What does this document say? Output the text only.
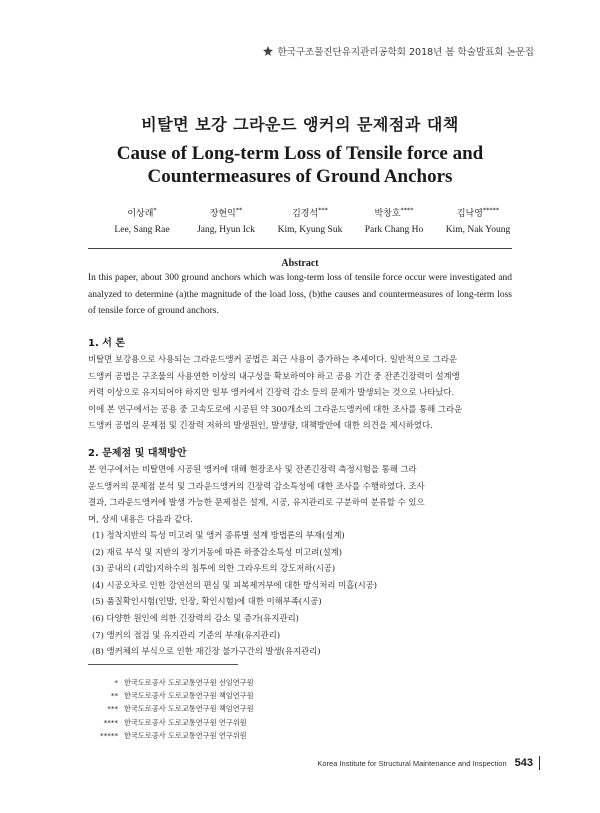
한국구조물진단유지관리공학회 2018년 봄 학술발표회 논문집
비탈면 보강 그라운드 앵커의 문제점과 대책
Cause of Long-term Loss of Tensile force and
Countermeasures of Ground Anchors
이상래*
Lee, Sang Rae
장현익**
Jang, Hyun Ick
김경석***
Kim, Kyung Suk
박창호****
Park Chang Ho
김낙영*****
Kim, Nak Young
Abstract
In this paper, about 300 ground anchors which was long-term loss of tensile force occur were investigated and analyzed to determine (a)the magnitude of the load loss, (b)the causes and countermeasures of long-term loss of tensile force of ground anchors.
1. 서 론
비탈면 보강용으로 사용되는 그라운드앵커 공법은 최근 사용이 증가하는 추세이다. 일반적으로 그라운
드앵커 공법은 구조물의 사용연한 이상의 내구성을 확보하여야 하고 공용 기간 중 잔존긴장력이 설계앵
커력 이상으로 유지되어야 하지만 일부 앵커에서 긴장력 감소 등의 문제가 발생되는 것으로 나타났다.
이에 본 연구에서는 공용 중 고속도로에 시공된 약 300개소의 그라운드앵커에 대한 조사를 통해 그라운
드앵커 공법의 문제점 및 긴장력 저하의 발생원인, 발생량, 대책방안에 대한 의견을 제시하였다.
2. 문제점 및 대책방안
본 연구에서는 비탈면에 시공된 앵커에 대해 현장조사 및 잔존긴장력 측정시험을 통해 그라
운드앵커의 문제점 분석 및 그라운드앵커의 긴장력 감소특성에 대한 조사를 수행하였다. 조사
결과, 그라운드앵커에 발생 가능한 문제점은 설계, 시공, 유지관리로 구분하여 분류할 수 있으
며, 상세 내용은 다음과 같다.
(1) 정착지반의 특성 미고려 및 앵커 종류별 설계 방법론의 부재(설계)
(2) 재료 부식 및 지반의 장기거동에 따른 하중감소특성 미고려(설계)
(3) 공내의 (괴압)지하수의 침투에 의한 그라우트의 강도저하(시공)
(4) 시공오차로 인한 강연선의 편심 및 피복제거부에 대한 방식처리 미흡(시공)
(5) 품질확인시험(인발, 인장, 확인시험)에 대한 이해부족(시공)
(6) 다양한 원인에 의한 긴장력의 감소 및 증가(유지관리)
(7) 앵커의 점검 및 유지관리 기준의 부재(유지관리)
(8) 앵커체의 부식으로 인한 재긴장 불가구간의 발생(유지관리)
* 한국도로공사 도로교통연구원 선임연구원
** 한국도로공사 도로교통연구원 책임연구원
*** 한국도로공사 도로교통연구원 책임연구원
**** 한국도로공사 도로교통연구원 연구위원
***** 한국도로공사 도로교통연구원 연구위원
Korea Institute for Structural Maintenance and Inspection 543
